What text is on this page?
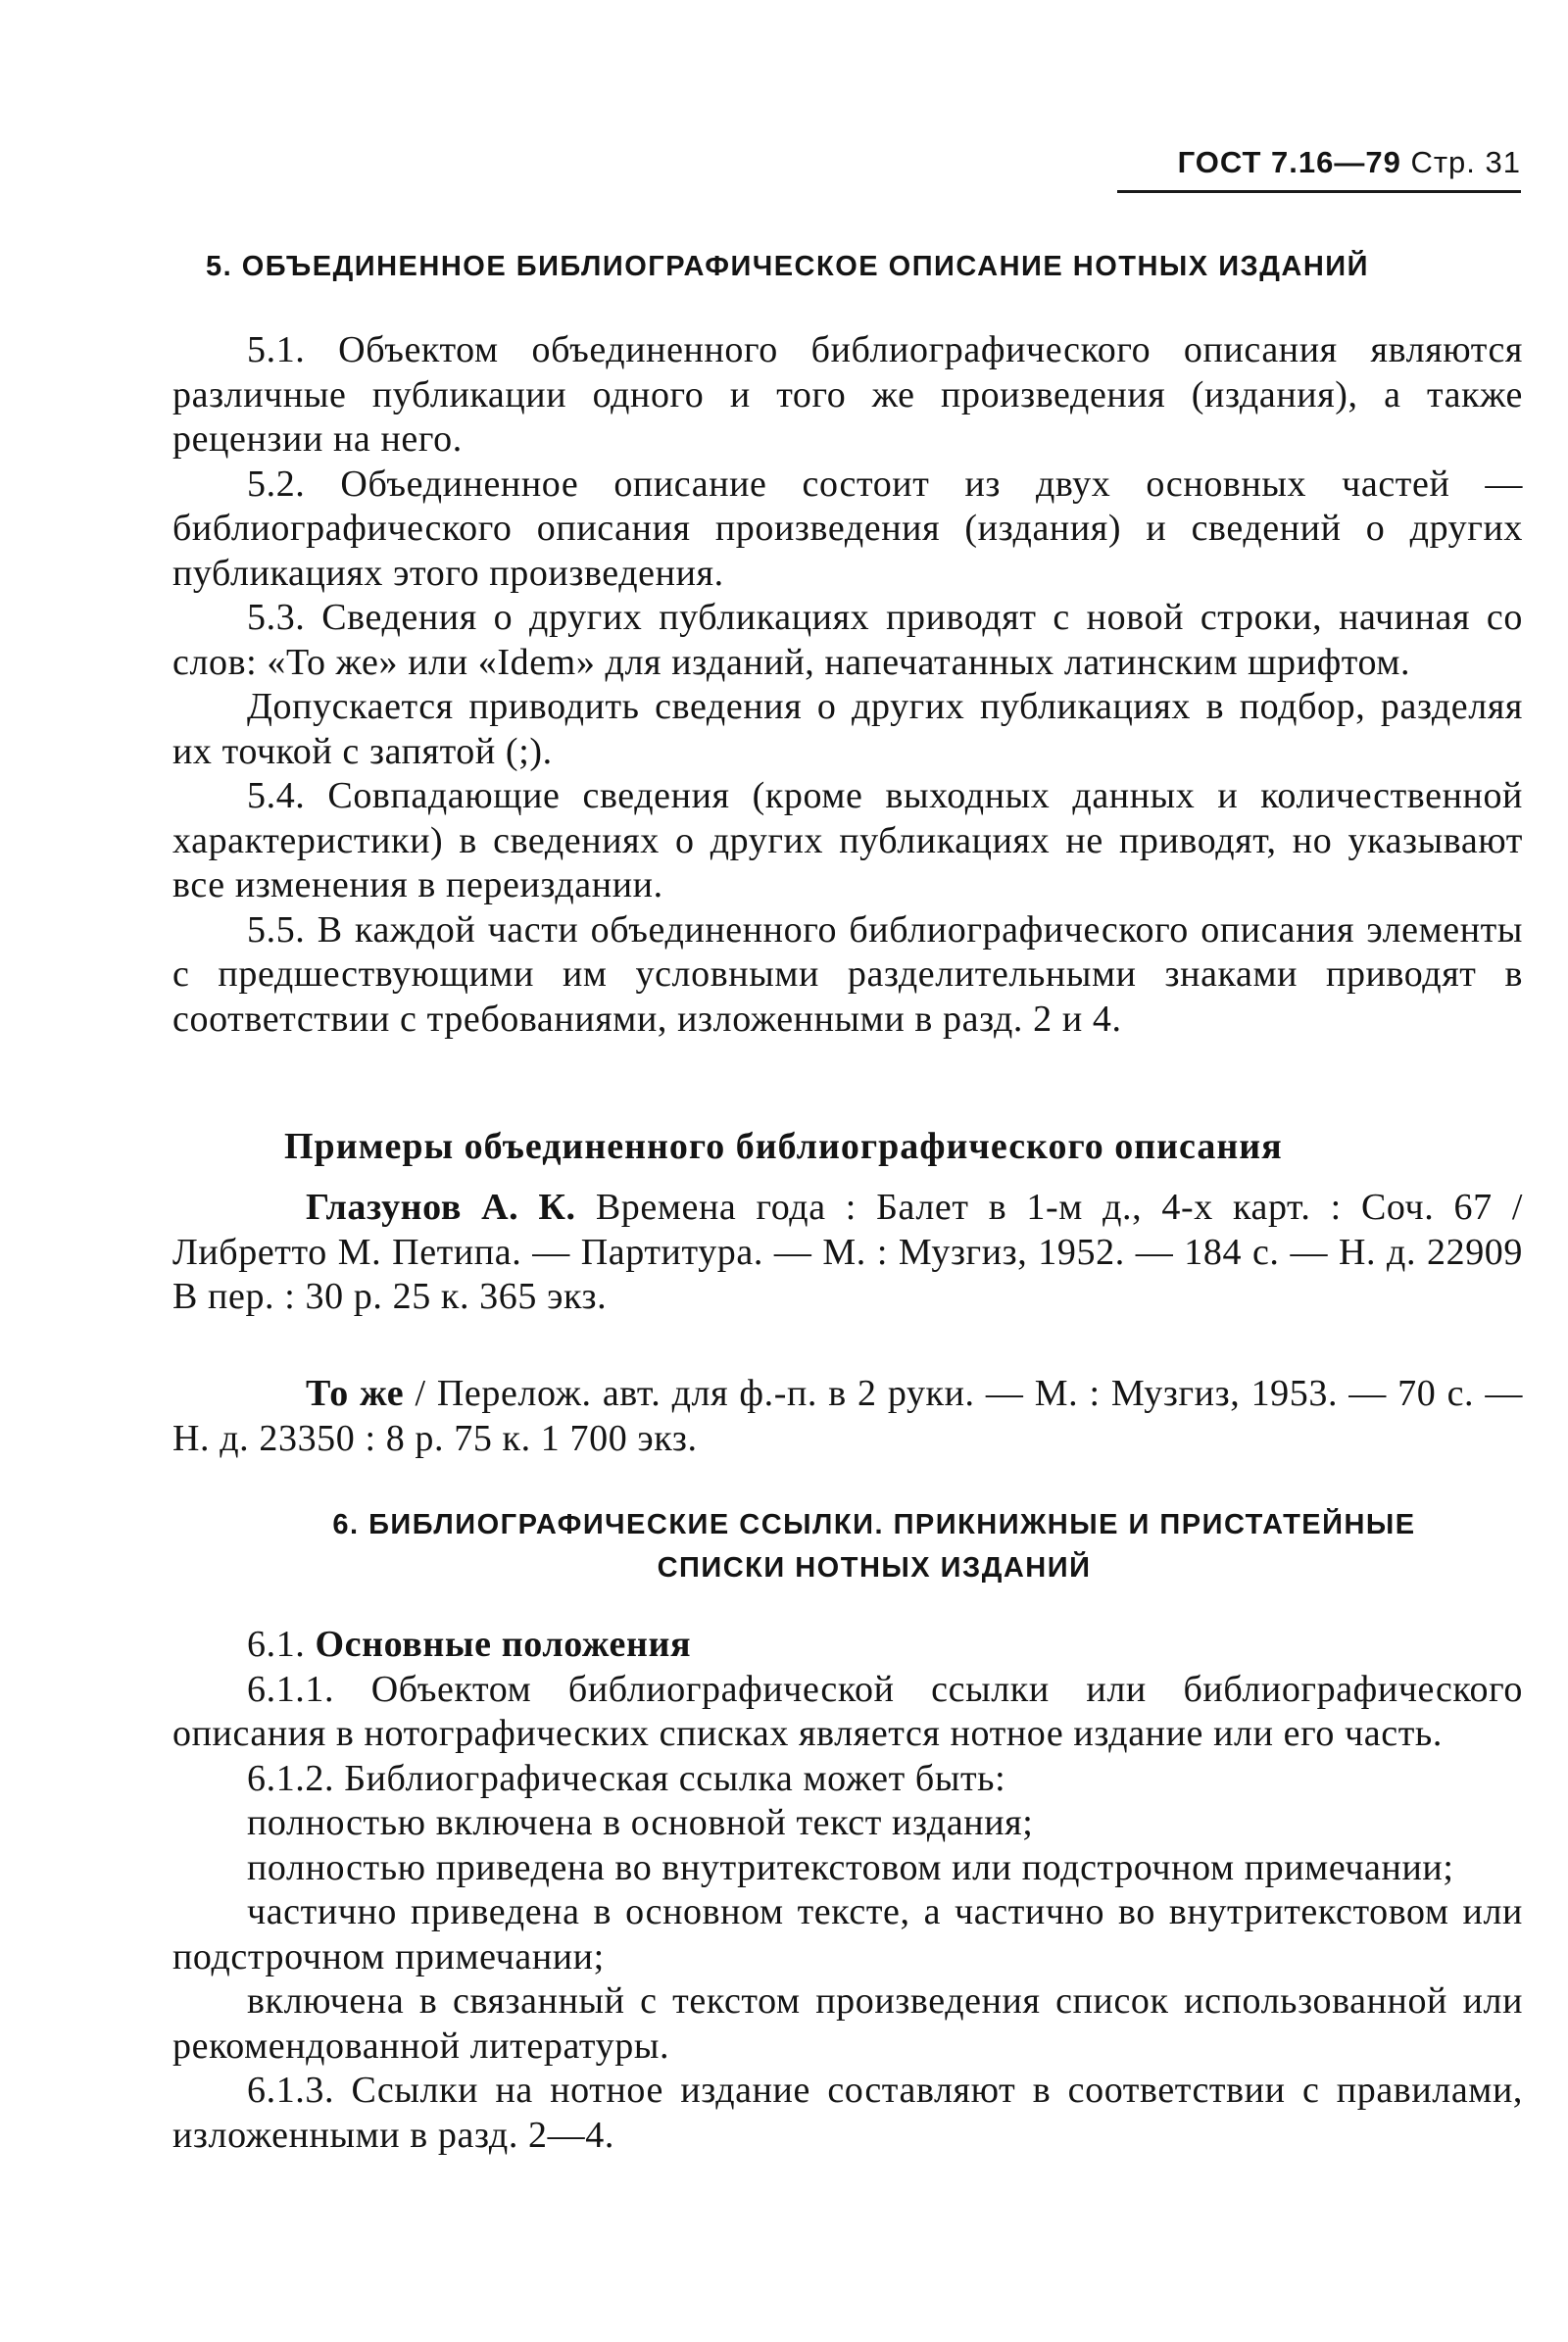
ГОСТ 7.16—79 Стр. 31
5. ОБЪЕДИНЕННОЕ БИБЛИОГРАФИЧЕСКОЕ ОПИСАНИЕ НОТНЫХ ИЗДАНИЙ

5.1. Объектом объединенного библиографического описания являются различные публикации одного и того же произведения (издания), а также рецензии на него.

5.2. Объединенное описание состоит из двух основных частей — библиографического описания произведения (издания) и сведений о других публикациях этого произведения.

5.3. Сведения о других публикациях приводят с новой строки, начиная со слов: «То же» или «Idem» для изданий, напечатанных латинским шрифтом.

Допускается приводить сведения о других публикациях в подбор, разделяя их точкой с запятой (;).

5.4. Совпадающие сведения (кроме выходных данных и количественной характеристики) в сведениях о других публикациях не приводят, но указывают все изменения в переиздании.

5.5. В каждой части объединенного библиографического описания элементы с предшествующими им условными разделительными знаками приводят в соответствии с требованиями, изложенными в разд. 2 и 4.

Примеры объединенного библиографического описания

Глазунов А. К. Времена года : Балет в 1-м д., 4-х карт. : Соч. 67 / Либретто М. Петипа. — Партитура. — М. : Музгиз, 1952. — 184 с. — Н. д. 22909 В пер. : 30 р. 25 к. 365 экз.

То же / Перелож. авт. для ф.-п. в 2 руки. — М. : Музгиз, 1953. — 70 с. — Н. д. 23350 : 8 р. 75 к. 1 700 экз.

6. БИБЛИОГРАФИЧЕСКИЕ ССЫЛКИ. ПРИКНИЖНЫЕ И ПРИСТАТЕЙНЫЕ
СПИСКИ НОТНЫХ ИЗДАНИЙ

6.1. Основные положения

6.1.1. Объектом библиографической ссылки или библиографического описания в нотографических списках является нотное издание или его часть.

6.1.2. Библиографическая ссылка может быть:

полностью включена в основной текст издания;

полностью приведена во внутритекстовом или подстрочном примечании;

частично приведена в основном тексте, а частично во внутритекстовом или подстрочном примечании;

включена в связанный с текстом произведения список использованной или рекомендованной литературы.

6.1.3. Ссылки на нотное издание составляют в соответствии с правилами, изложенными в разд. 2—4.
